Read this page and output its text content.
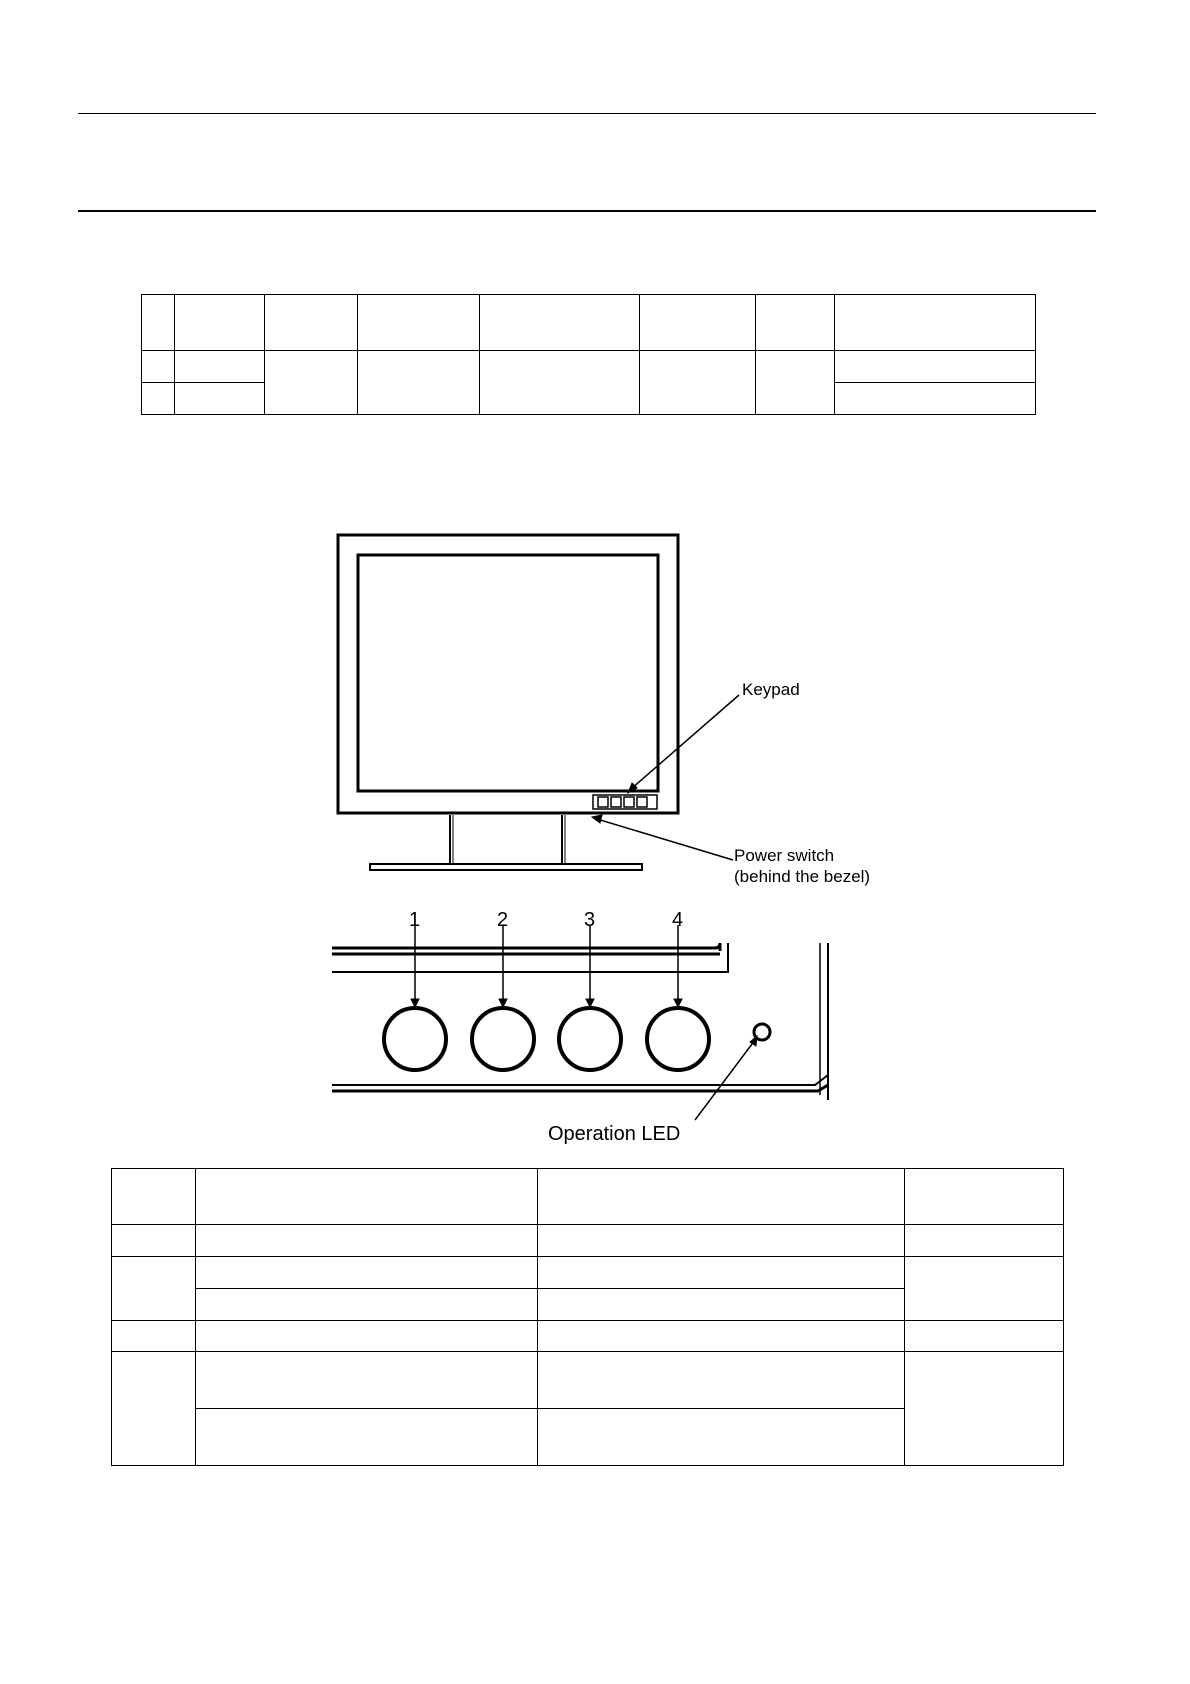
Keypad
Power switch
(behind the bezel)
1	2	3	4
Operation LED
